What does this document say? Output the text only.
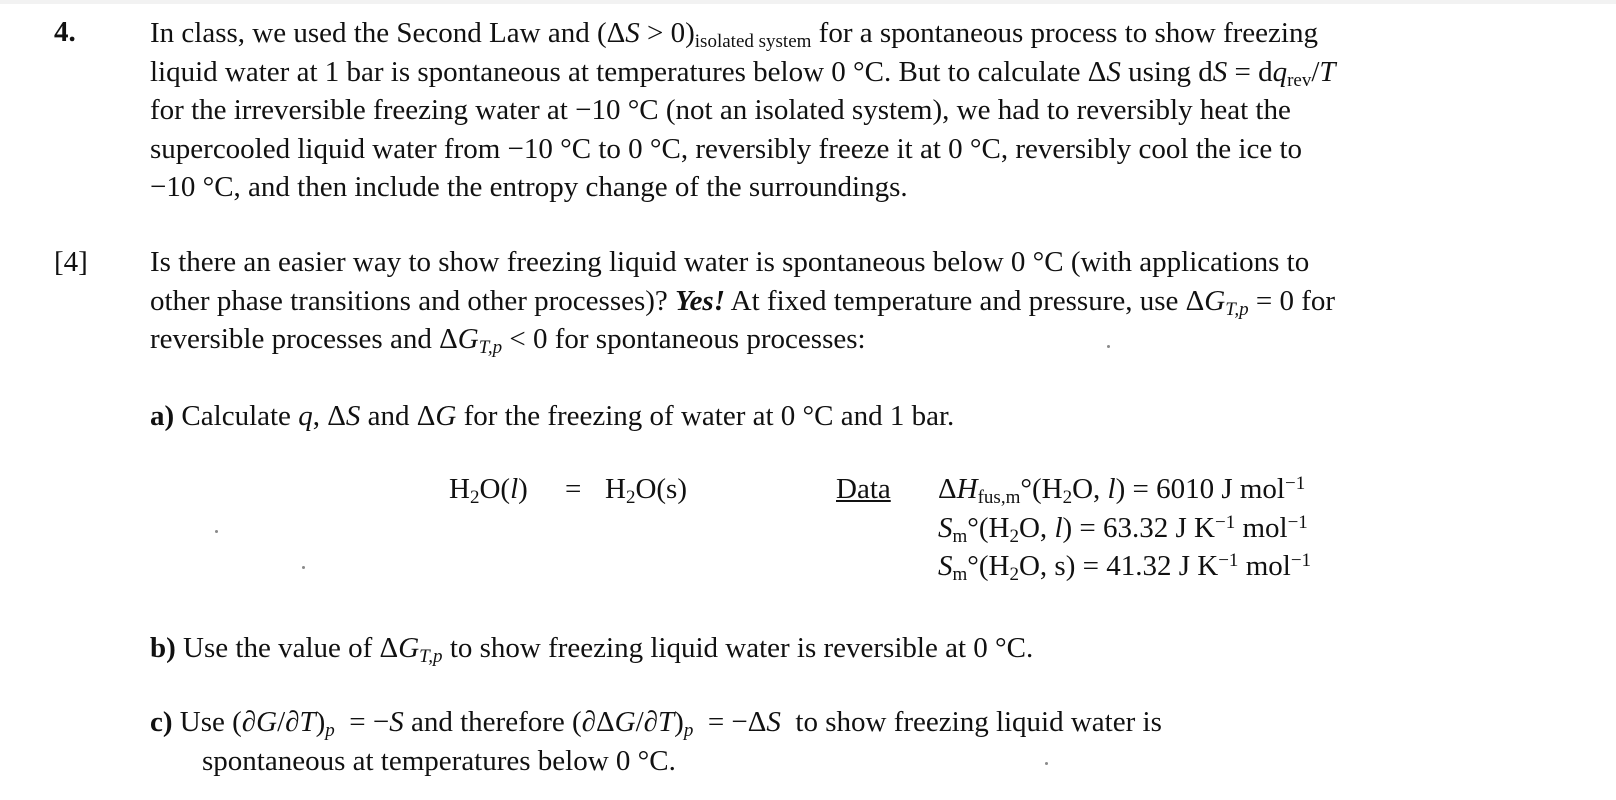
4.	In class, we used the Second Law and $(\Delta S > 0)_{isolated system}$ for a spontaneous process to show freezing
liquid water at 1 bar is spontaneous at temperatures below 0 °C. But to calculate ΔS using dS = $dq_{rev}/T$
for the irreversible freezing water at −10 °C (not an isolated system), we had to reversibly heat the
supercooled liquid water from −10 °C to 0 °C, reversibly freeze it at 0 °C, reversibly cool the ice to
−10 °C, and then include the entropy change of the surroundings.
[4] Is there an easier way to show freezing liquid water is spontaneous below 0 °C (with applications to
other phase transitions and other processes)? Yes! At fixed temperature and pressure, use $\Delta G_{T,p} = 0$ for
reversible processes and $\Delta G_{T,p} < 0$ for spontaneous processes:
a) Calculate q, ΔS and ΔG for the freezing of water at 0 °C and 1 bar.
$H_2O(l) = H_2O(s)$	Data $\Delta H_{fus,m}^\circ(H_2O$, l) = 6010 J mol$^{-1}$
$S_m^\circ(H_2O$, l) = 63.32 J $K^{-1}$ mol$^{-1}$
$S_m^\circ(H_2O$, s) = 41.32 J $K^{-1}$ mol$^{-1}$
b) Use the value of $\Delta G_{T,p}$ to show freezing liquid water is reversible at 0 °C.
c) Use $(\partial G/\partial T)_p = -S$ and therefore $(\partial\Delta G/\partial T)_p = -\Delta S$  to show freezing liquid water is
spontaneous at temperatures below 0 °C.
